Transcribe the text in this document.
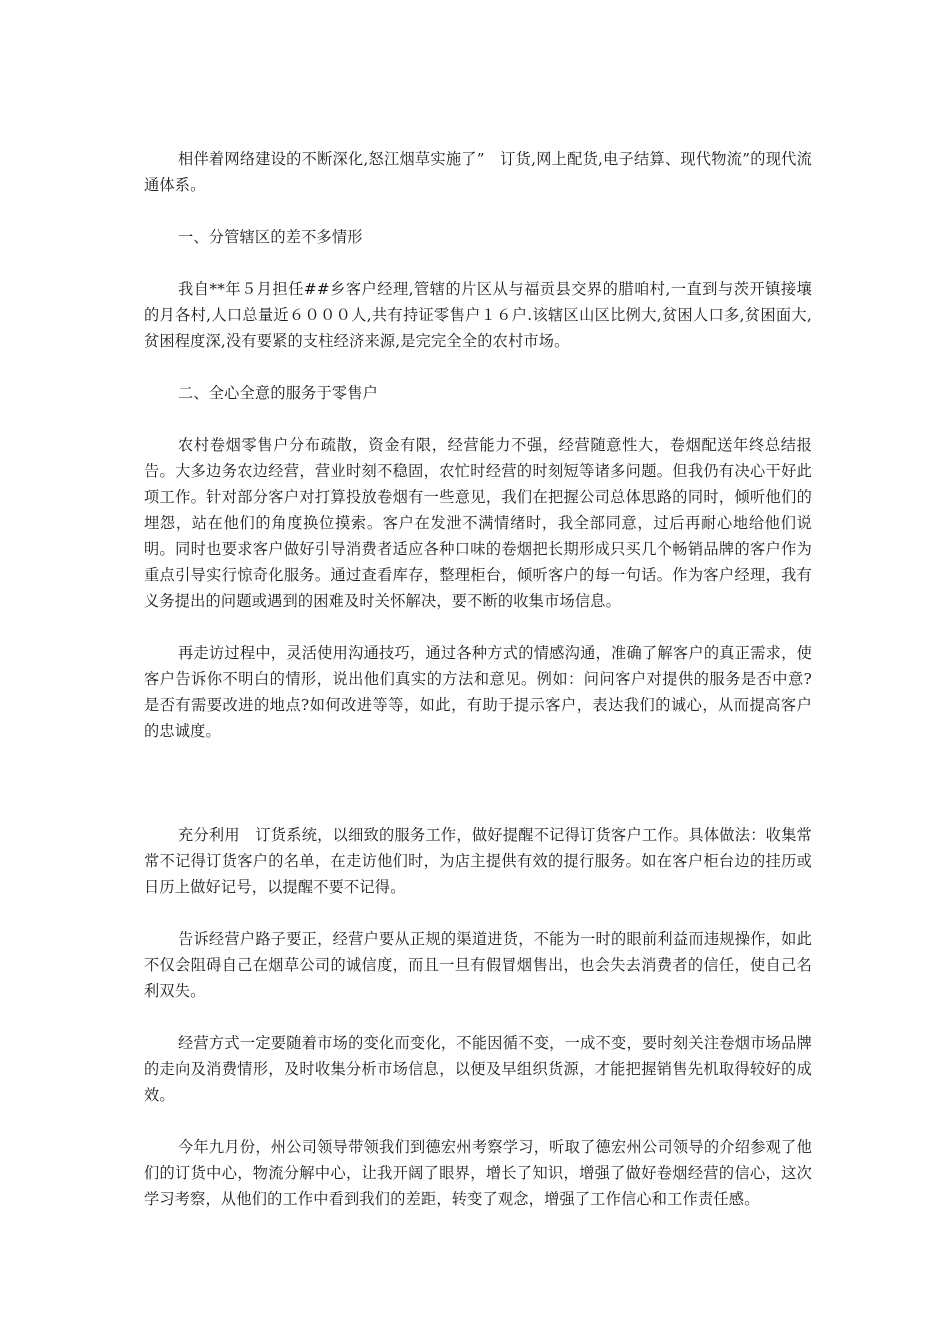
相伴着网络建设的不断深化,怒江烟草实施了”　订货,网上配货,电子结算、现代物流”的现代流通体系。

一、分管辖区的差不多情形

我自**年５月担任##乡客户经理,管辖的片区从与福贡县交界的腊咱村,一直到与茨开镇接壤的月各村,人口总量近６０００人,共有持证零售户１６户.该辖区山区比例大,贫困人口多,贫困面大,贫困程度深,没有要紧的支柱经济来源,是完完全全的农村市场。

二、全心全意的服务于零售户

农村卷烟零售户分布疏散，资金有限，经营能力不强，经营随意性大，卷烟配送年终总结报告。大多边务农边经营，营业时刻不稳固，农忙时经营的时刻短等诸多问题。但我仍有决心干好此项工作。针对部分客户对打算投放卷烟有一些意见，我们在把握公司总体思路的同时，倾听他们的埋怨，站在他们的角度换位摸索。客户在发泄不满情绪时，我全部同意，过后再耐心地给他们说明。同时也要求客户做好引导消费者适应各种口味的卷烟把长期形成只买几个畅销品牌的客户作为重点引导实行惊奇化服务。通过查看库存，整理柜台，倾听客户的每一句话。作为客户经理，我有义务提出的问题或遇到的困难及时关怀解决，要不断的收集市场信息。

再走访过程中，灵活使用沟通技巧，通过各种方式的情感沟通，准确了解客户的真正需求，使客户告诉你不明白的情形，说出他们真实的方法和意见。例如：问问客户对提供的服务是否中意?是否有需要改进的地点?如何改进等等，如此，有助于提示客户，表达我们的诚心，从而提高客户的忠诚度。

充分利用　订货系统，以细致的服务工作，做好提醒不记得订货客户工作。具体做法：收集常常不记得订货客户的名单，在走访他们时，为店主提供有效的提行服务。如在客户柜台边的挂历或日历上做好记号，以提醒不要不记得。

告诉经营户路子要正，经营户要从正规的渠道进货，不能为一时的眼前利益而违规操作，如此不仅会阻碍自己在烟草公司的诚信度，而且一旦有假冒烟售出，也会失去消费者的信任，使自己名利双失。

经营方式一定要随着市场的变化而变化，不能因循不变，一成不变，要时刻关注卷烟市场品牌的走向及消费情形，及时收集分析市场信息，以便及早组织货源，才能把握销售先机取得较好的成效。

今年九月份，州公司领导带领我们到德宏州考察学习，听取了德宏州公司领导的介绍参观了他们的订货中心，物流分解中心，让我开阔了眼界，增长了知识，增强了做好卷烟经营的信心，这次学习考察，从他们的工作中看到我们的差距，转变了观念，增强了工作信心和工作责任感。
